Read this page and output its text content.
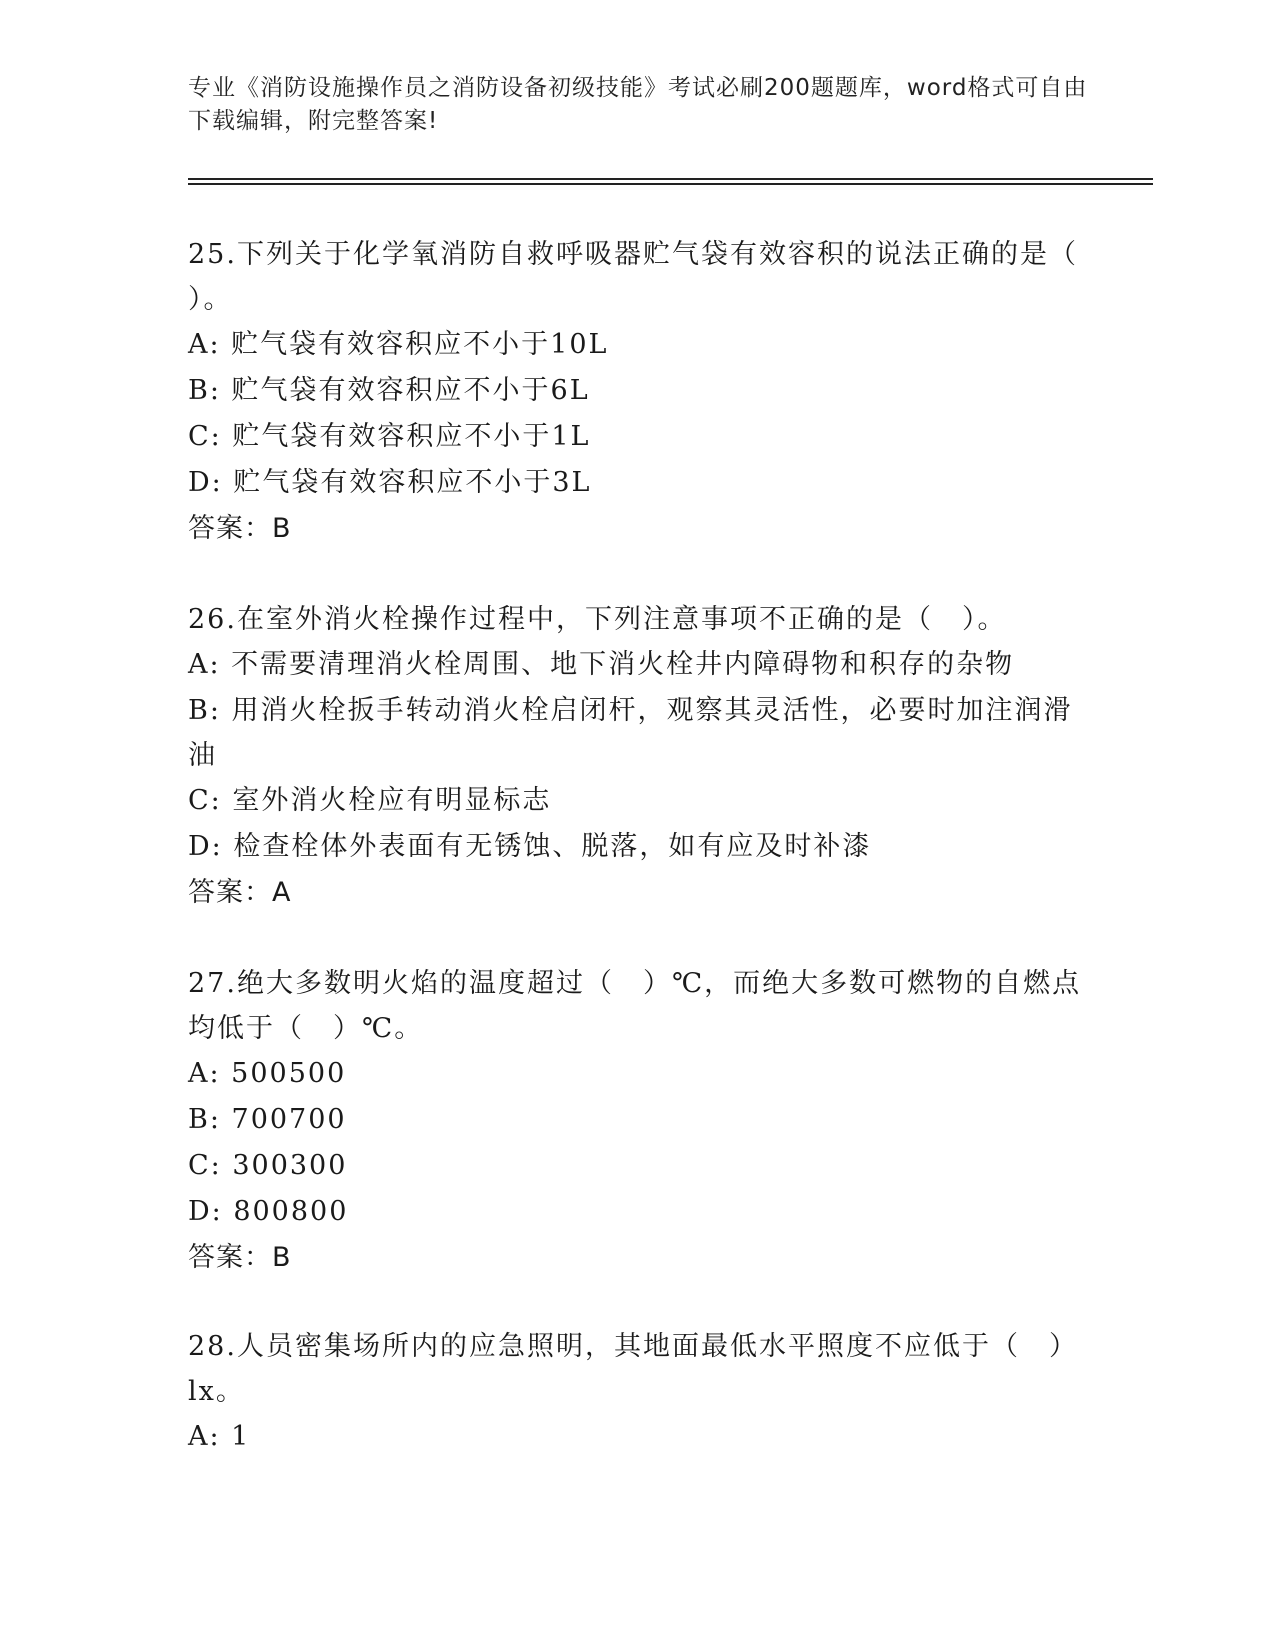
专业《消防设施操作员之消防设备初级技能》考试必刷200题题库，word格式可自由下载编辑，附完整答案!

25.下列关于化学氧消防自救呼吸器贮气袋有效容积的说法正确的是（ ）。

A: 贮气袋有效容积应不小于10L

B: 贮气袋有效容积应不小于6L

C: 贮气袋有效容积应不小于1L

D: 贮气袋有效容积应不小于3L

答案：B

26.在室外消火栓操作过程中，下列注意事项不正确的是（　）。

A: 不需要清理消火栓周围、地下消火栓井内障碍物和积存的杂物

B: 用消火栓扳手转动消火栓启闭杆，观察其灵活性，必要时加注润滑油

C: 室外消火栓应有明显标志

D: 检查栓体外表面有无锈蚀、脱落，如有应及时补漆

答案：A

27.绝大多数明火焰的温度超过（　）℃，而绝大多数可燃物的自燃点均低于（　）℃。

A: 500500

B: 700700

C: 300300

D: 800800

答案：B

28.人员密集场所内的应急照明，其地面最低水平照度不应低于（　）lx。

A: 1
